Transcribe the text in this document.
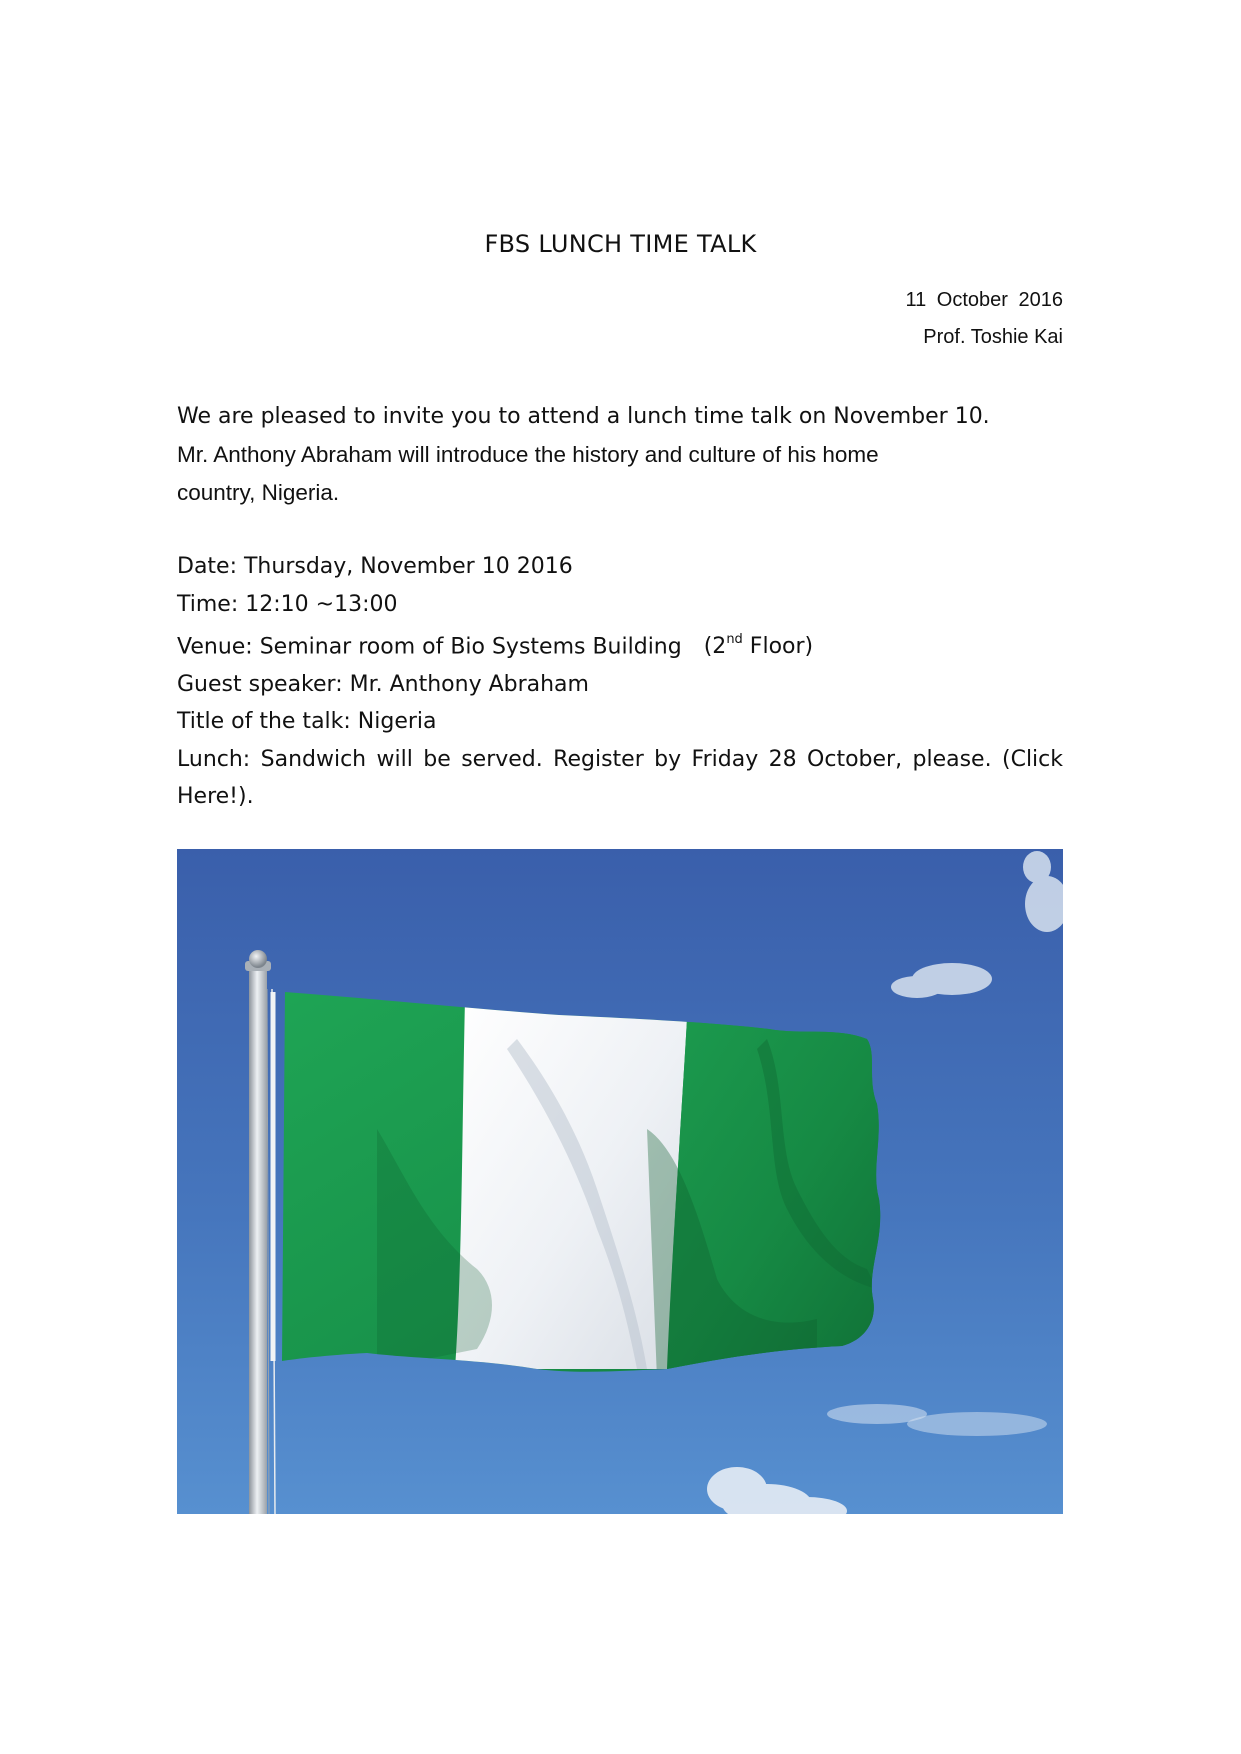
FBS LUNCH TIME TALK
11 October 2016
Prof. Toshie Kai
We are pleased to invite you to attend a lunch time talk on November 10.
Mr. Anthony Abraham will introduce the history and culture of his home
country, Nigeria.
Date: Thursday, November 10 2016
Time: 12:10 ~13:00
Venue: Seminar room of Bio Systems Building (2nd Floor)
Guest speaker: Mr. Anthony Abraham
Title of the talk: Nigeria
Lunch: Sandwich will be served. Register by Friday 28 October, please. (Click Here!).
